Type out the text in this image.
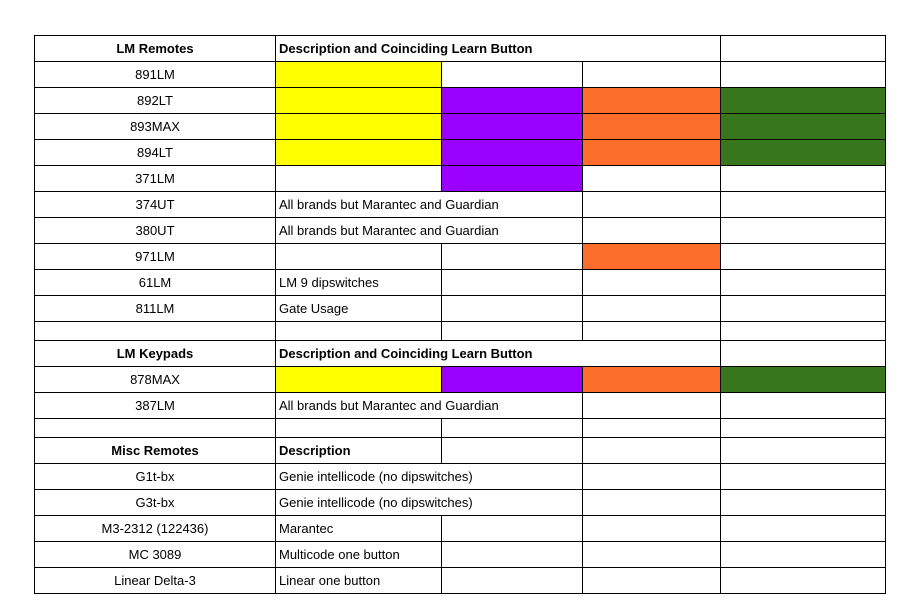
LM Remotes	Description and Coinciding Learn Button			
891LM				
892LT				
893MAX				
894LT				
371LM				
374UT	All brands but Marantec and Guardian			
380UT	All brands but Marantec and Guardian			
971LM				
61LM	LM 9 dipswitches			
811LM	Gate Usage			

LM Keypads	Description and Coinciding Learn Button			
878MAX				
387LM	All brands but Marantec and Guardian			

Misc Remotes	Description			
G1t-bx	Genie intellicode (no dipswitches)			
G3t-bx	Genie intellicode (no dipswitches)			
M3-2312 (122436)	Marantec			
MC 3089	Multicode one button			
Linear Delta-3	Linear one button			
